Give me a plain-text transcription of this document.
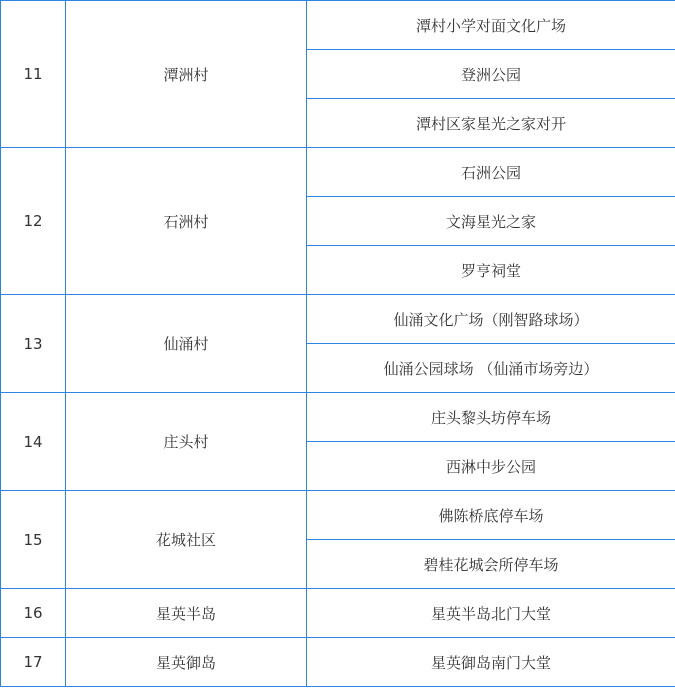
11	潭洲村	潭村小学对面文化广场
		登洲公园
		潭村区家星光之家对开
12	石洲村	石洲公园
		文海星光之家
		罗亨祠堂
13	仙涌村	仙涌文化广场（刚智路球场）
		仙涌公园球场 （仙涌市场旁边）
14	庄头村	庄头黎头坊停车场
		西淋中步公园
15	花城社区	佛陈桥底停车场
		碧桂花城会所停车场
16	星英半岛	星英半岛北门大堂
17	星英御岛	星英御岛南门大堂
